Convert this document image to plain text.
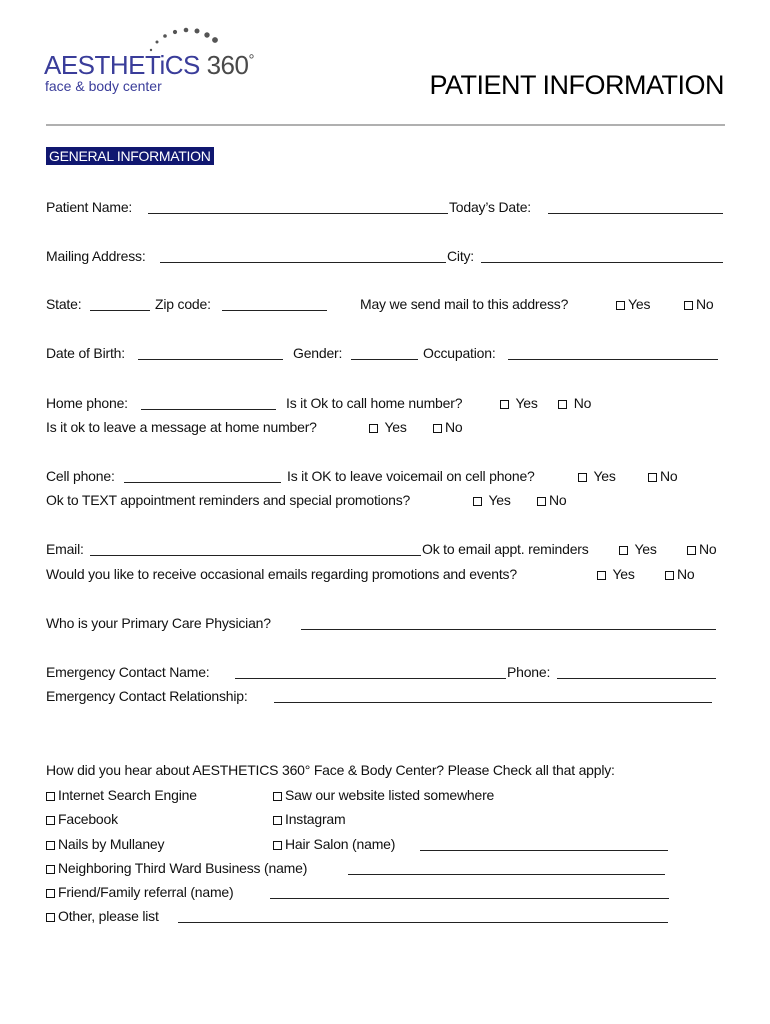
AESTHETiCS 360°
face & body center	PATIENT INFORMATION
GENERAL INFORMATION
Patient Name:	Today’s Date:
Mailing Address:	City:
State:	Zip code:	May we send mail to this address?	Yes	No
Date of Birth:	Gender:	Occupation:
Home phone:	Is it Ok to call home number?	Yes	No
Is it ok to leave a message at home number?	Yes	No
Cell phone:	Is it OK to leave voicemail on cell phone?	Yes	No
Ok to TEXT appointment reminders and special promotions?	Yes	No
Email:	Ok to email appt. reminders	Yes	No
Would you like to receive occasional emails regarding promotions and events?	Yes	No
Who is your Primary Care Physician?
Emergency Contact Name:	Phone:
Emergency Contact Relationship:
How did you hear about AESTHETICS 360° Face & Body Center? Please Check all that apply:
Internet Search Engine	Saw our website listed somewhere
Facebook	Instagram
Nails by Mullaney	Hair Salon (name)
Neighboring Third Ward Business (name)
Friend/Family referral (name)
Other, please list
